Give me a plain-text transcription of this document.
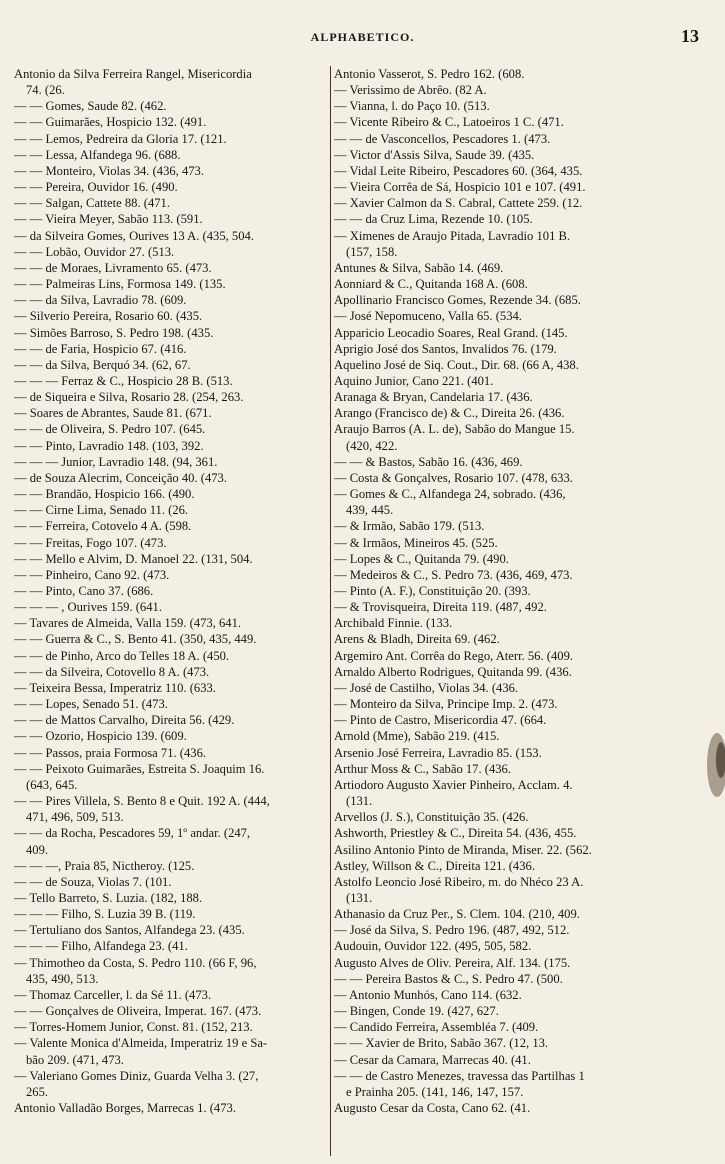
ALPHABETICO.	13
Antonio da Silva Ferreira Rangel, Misericordia
74. (26.
— — Gomes, Saude 82. (462.
— — Guimarães, Hospicio 132. (491.
— — Lemos, Pedreira da Gloria 17. (121.
— — Lessa, Alfandega 96. (688.
— — Monteiro, Violas 34. (436, 473.
— — Pereira, Ouvidor 16. (490.
— — Salgan, Cattete 88. (471.
— — Vieira Meyer, Sabão 113. (591.
— da Silveira Gomes, Ourives 13 A. (435, 504.
— — Lobão, Ouvidor 27. (513.
— — de Moraes, Livramento 65. (473.
— — Palmeiras Lins, Formosa 149. (135.
— — da Silva, Lavradio 78. (609.
— Silverio Pereira, Rosario 60. (435.
— Simões Barroso, S. Pedro 198. (435.
— — de Faria, Hospicio 67. (416.
— — da Silva, Berquó 34. (62, 67.
— — — Ferraz & C., Hospicio 28 B. (513.
— de Siqueira e Silva, Rosario 28. (254, 263.
— Soares de Abrantes, Saude 81. (671.
— — de Oliveira, S. Pedro 107. (645.
— — Pinto, Lavradio 148. (103, 392.
— — — Junior, Lavradio 148. (94, 361.
— de Souza Alecrim, Conceição 40. (473.
— — Brandão, Hospicio 166. (490.
— — Cirne Lima, Senado 11. (26.
— — Ferreira, Cotovelo 4 A. (598.
— — Freitas, Fogo 107. (473.
— — Mello e Alvim, D. Manoel 22. (131, 504.
— — Pinheiro, Cano 92. (473.
— — Pinto, Cano 37. (686.
— — — , Ourives 159. (641.
— Tavares de Almeida, Valla 159. (473, 641.
— — Guerra & C., S. Bento 41. (350, 435, 449.
— — de Pinho, Arco do Telles 18 A. (450.
— — da Silveira, Cotovello 8 A. (473.
— Teixeira Bessa, Imperatriz 110. (633.
— — Lopes, Senado 51. (473.
— — de Mattos Carvalho, Direita 56. (429.
— — Ozorio, Hospicio 139. (609.
— — Passos, praia Formosa 71. (436.
— — Peixoto Guimarães, Estreita S. Joaquim 16.
(643, 645.
— — Pires Villela, S. Bento 8 e Quit. 192 A. (444,
471, 496, 509, 513.
— — da Rocha, Pescadores 59, 1º andar. (247,
409.
— — —, Praia 85, Nictheroy. (125.
— — de Souza, Violas 7. (101.
— Tello Barreto, S. Luzia. (182, 188.
— — — Filho, S. Luzia 39 B. (119.
— Tertuliano dos Santos, Alfandega 23. (435.
— — — Filho, Alfandega 23. (41.
— Thimotheo da Costa, S. Pedro 110. (66 F, 96,
435, 490, 513.
— Thomaz Carceller, l. da Sé 11. (473.
— — Gonçalves de Oliveira, Imperat. 167. (473.
— Torres-Homem Junior, Const. 81. (152, 213.
— Valente Monica d'Almeida, Imperatriz 19 e Sa-
bão 209. (471, 473.
— Valeriano Gomes Diniz, Guarda Velha 3. (27,
265.
Antonio Valladão Borges, Marrecas 1. (473.
Antonio Vasserot, S. Pedro 162. (608.
— Verissimo de Abrêo. (82 A.
— Vianna, l. do Paço 10. (513.
— Vicente Ribeiro & C., Latoeiros 1 C. (471.
— — de Vasconcellos, Pescadores 1. (473.
— Victor d'Assis Silva, Saude 39. (435.
— Vidal Leite Ribeiro, Pescadores 60. (364, 435.
— Vieira Corrêa de Sá, Hospicio 101 e 107. (491.
— Xavier Calmon da S. Cabral, Cattete 259. (12.
— — da Cruz Lima, Rezende 10. (105.
— Ximenes de Araujo Pitada, Lavradio 101 B.
(157, 158.
Antunes & Silva, Sabão 14. (469.
Aonniard & C., Quitanda 168 A. (608.
Apollinario Francisco Gomes, Rezende 34. (685.
— José Nepomuceno, Valla 65. (534.
Apparicio Leocadio Soares, Real Grand. (145.
Aprigio José dos Santos, Invalidos 76. (179.
Aquelino José de Siq. Cout., Dir. 68. (66 A, 438.
Aquino Junior, Cano 221. (401.
Aranaga & Bryan, Candelaria 17. (436.
Arango (Francisco de) & C., Direita 26. (436.
Araujo Barros (A. L. de), Sabão do Mangue 15.
(420, 422.
— — & Bastos, Sabão 16. (436, 469.
— Costa & Gonçalves, Rosario 107. (478, 633.
— Gomes & C., Alfandega 24, sobrado. (436,
439, 445.
— & Irmão, Sabão 179. (513.
— & Irmãos, Mineiros 45. (525.
— Lopes & C., Quitanda 79. (490.
— Medeiros & C., S. Pedro 73. (436, 469, 473.
— Pinto (A. F.), Constituição 20. (393.
— & Trovisqueira, Direita 119. (487, 492.
Archibald Finnie. (133.
Arens & Bladh, Direita 69. (462.
Argemiro Ant. Corrêa do Rego, Aterr. 56. (409.
Arnaldo Alberto Rodrigues, Quitanda 99. (436.
— José de Castilho, Violas 34. (436.
— Monteiro da Silva, Principe Imp. 2. (473.
— Pinto de Castro, Misericordia 47. (664.
Arnold (Mme), Sabão 219. (415.
Arsenio José Ferreira, Lavradio 85. (153.
Arthur Moss & C., Sabão 17. (436.
Artiodoro Augusto Xavier Pinheiro, Acclam. 4.
(131.
Arvellos (J. S.), Constituição 35. (426.
Ashworth, Priestley & C., Direita 54. (436, 455.
Asilino Antonio Pinto de Miranda, Miser. 22. (562.
Astley, Willson & C., Direita 121. (436.
Astolfo Leoncio José Ribeiro, m. do Nhéco 23 A.
(131.
Athanasio da Cruz Per., S. Clem. 104. (210, 409.
— José da Silva, S. Pedro 196. (487, 492, 512.
Audouin, Ouvidor 122. (495, 505, 582.
Augusto Alves de Oliv. Pereira, Alf. 134. (175.
— — Pereira Bastos & C., S. Pedro 47. (500.
— Antonio Munhós, Cano 114. (632.
— Bingen, Conde 19. (427, 627.
— Candido Ferreira, Assembléa 7. (409.
— — Xavier de Brito, Sabão 367. (12, 13.
— Cesar da Camara, Marrecas 40. (41.
— — de Castro Menezes, travessa das Partilhas 1
e Prainha 205. (141, 146, 147, 157.
Augusto Cesar da Costa, Cano 62. (41.
